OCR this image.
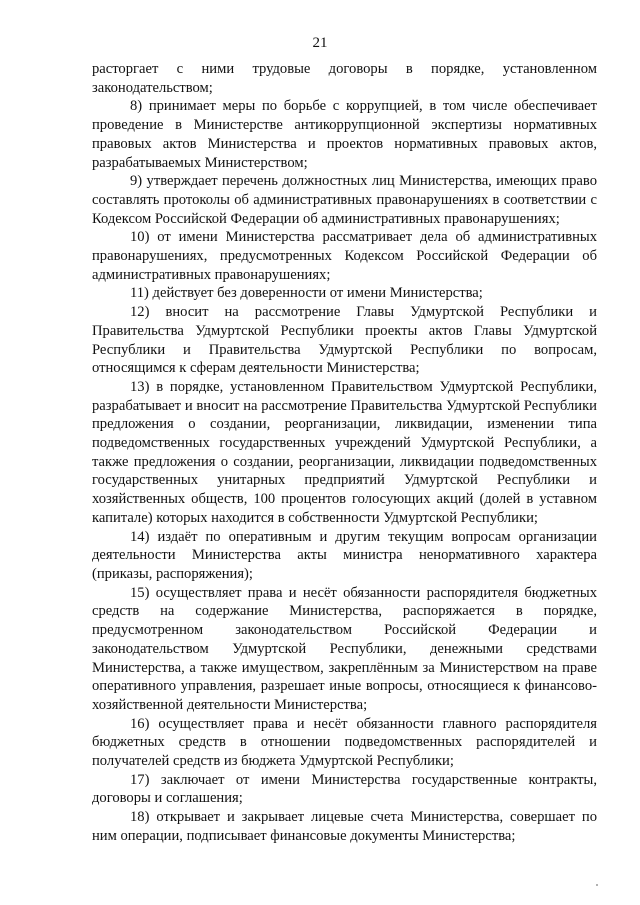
21

расторгает с ними трудовые договоры в порядке, установленном законодательством;

8) принимает меры по борьбе с коррупцией, в том числе обеспечивает проведение в Министерстве антикоррупционной экспертизы нормативных правовых актов Министерства и проектов нормативных правовых актов, разрабатываемых Министерством;

9) утверждает перечень должностных лиц Министерства, имеющих право составлять протоколы об административных правонарушениях в соответствии с Кодексом Российской Федерации об административных правонарушениях;

10) от имени Министерства рассматривает дела об административных правонарушениях, предусмотренных Кодексом Российской Федерации об административных правонарушениях;

11) действует без доверенности от имени Министерства;

12) вносит на рассмотрение Главы Удмуртской Республики и Правительства Удмуртской Республики проекты актов Главы Удмуртской Республики и Правительства Удмуртской Республики по вопросам, относящимся к сферам деятельности Министерства;

13) в порядке, установленном Правительством Удмуртской Республики, разрабатывает и вносит на рассмотрение Правительства Удмуртской Республики предложения о создании, реорганизации, ликвидации, изменении типа подведомственных государственных учреждений Удмуртской Республики, а также предложения о создании, реорганизации, ликвидации подведомственных государственных унитарных предприятий Удмуртской Республики и хозяйственных обществ, 100 процентов голосующих акций (долей в уставном капитале) которых находится в собственности Удмуртской Республики;

14) издаёт по оперативным и другим текущим вопросам организации деятельности Министерства акты министра ненормативного характера (приказы, распоряжения);

15) осуществляет права и несёт обязанности распорядителя бюджетных средств на содержание Министерства, распоряжается в порядке, предусмотренном законодательством Российской Федерации и законодательством Удмуртской Республики, денежными средствами Министерства, а также имуществом, закреплённым за Министерством на праве оперативного управления, разрешает иные вопросы, относящиеся к финансово-хозяйственной деятельности Министерства;

16) осуществляет права и несёт обязанности главного распорядителя бюджетных средств в отношении подведомственных распорядителей и получателей средств из бюджета Удмуртской Республики;

17) заключает от имени Министерства государственные контракты, договоры и соглашения;

18) открывает и закрывает лицевые счета Министерства, совершает по ним операции, подписывает финансовые документы Министерства;
